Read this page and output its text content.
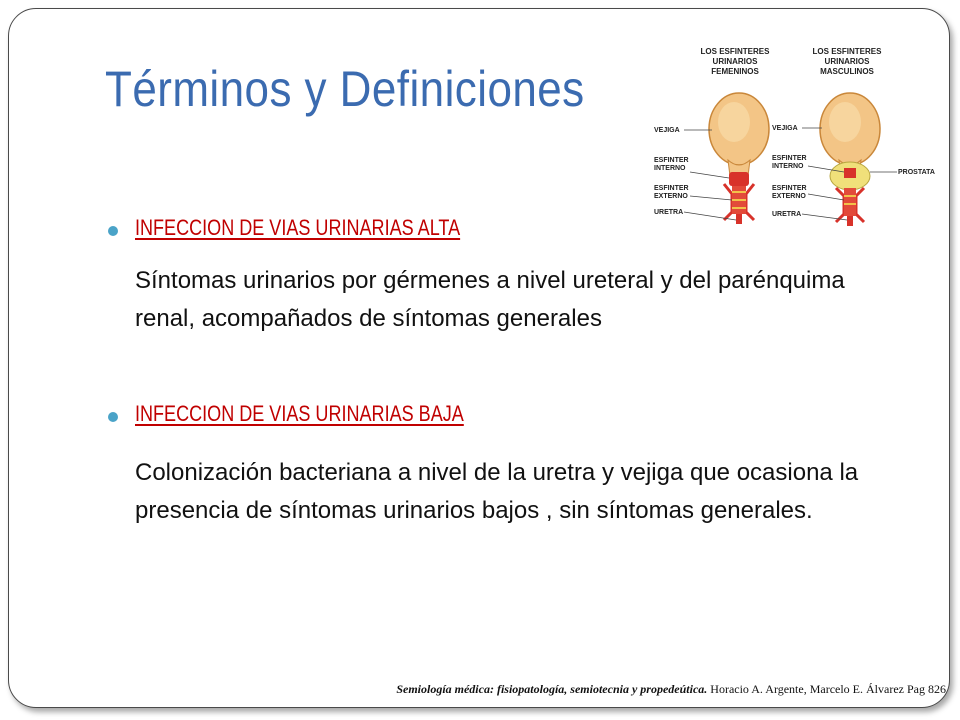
Términos y Definiciones
LOS ESFINTERES
URINARIOS
FEMENINOS
LOS ESFINTERES
URINARIOS
MASCULINOS
VEJIGA
ESFINTER
INTERNO
ESFINTER
EXTERNO
URETRA
VEJIGA
ESFINTER
INTERNO
ESFINTER
EXTERNO
URETRA
PROSTATA
INFECCION DE VIAS URINARIAS ALTA
Síntomas urinarios por gérmenes a nivel ureteral y del parénquima
renal, acompañados de síntomas generales
INFECCION DE VIAS URINARIAS BAJA
Colonización bacteriana a nivel de la uretra y vejiga que ocasiona la
presencia de síntomas urinarios bajos , sin síntomas generales.
Semiología médica: fisiopatología, semiotecnia y propedeútica. Horacio A. Argente, Marcelo E. Álvarez Pag 826
